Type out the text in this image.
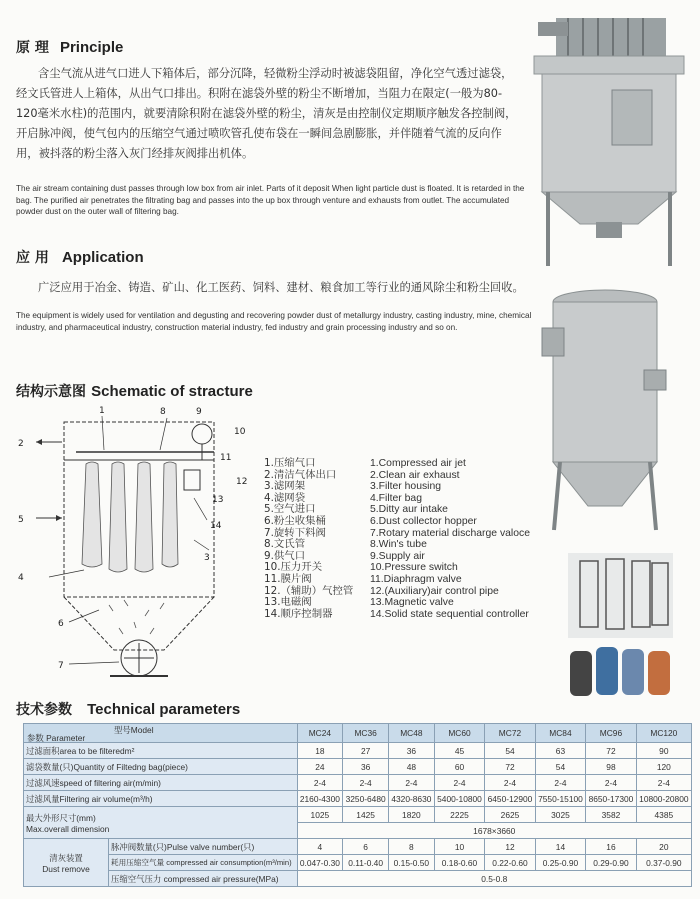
原 理 Principle
含尘气流从进气口进人下箱体后，部分沉降，轻微粉尘浮动时被滤袋阻留，净化空气透过滤袋，经文氏管进人上箱体，从出气口排出。积附在滤袋外壁的粉尘不断增加，当阻力在限定(一般为80-120毫米水柱)的范围内，就要清除积附在滤袋外壁的粉尘，清灰是由控制仪定期顺序触发各控制阀，开启脉冲阀，使气包内的压缩空气通过喷吹管孔使布袋在一瞬间急剧膨胀，并伴随着气流的反向作用，被抖落的粉尘落入灰门经排灰阀排出机体。
The air stream containing dust passes through low box from air inlet. Parts of it deposit When light particle dust is floated. It is retarded in the bag. The purified air penetrates the filtrating bag and passes into the up box through venture and exhausts from outlet. The accumulated powder dust on the outer wall of filtering bag.
应 用 Application
广泛应用于冶金、铸造、矿山、化工医药、饲料、建材、粮食加工等行业的通风除尘和粉尘回收。
The equipment is widely used for ventilation and degusting and recovering powder dust of metallurgy industry, casting industry, mine, chemical industry, and pharmaceutical industry, construction material industry, fed industry and grain processing industry and so on.
结构示意图 Schematic of stracture
1
2
3
4
5
6
7
8	9
10
11
12
13
14
1.压缩气口
2.清洁气体出口
3.滤网架
4.滤网袋
5.空气进口
6.粉尘收集桶
7.旋转下料阀
8.文氏管
9.供气口
10.压力开关
11.膜片阀
12.（辅助）气控管
13.电磁阀
14.顺序控制器
1.Compressed air jet
2.Clean air exhaust
3.Filter housing
4.Filter bag
5.Ditty aur intake
6.Dust collector hopper
7.Rotary material discharge valoce
8.Win's tube
9.Supply air
10.Pressure switch
11.Diaphragm valve
12.(Auxiliary)air control pipe
13.Magnetic valve
14.Solid state sequential controller
技术参数 Technical parameters
型号Model
参数 Parameter		MC24	MC36	MC48	MC60	MC72	MC84	MC96	MC120
过滤面积area to be filteredm²		18	27	36	45	54	63	72	90
滤袋数量(只)Quantity of Filtedng bag(piece)		24	36	48	60	72	54	98	120
过滤风速speed of filtering air(m/min)		2-4	2-4	2-4	2-4	2-4	2-4	2-4	2-4
过滤风量Filtering air volume(m³/h)		2160-4300	3250-6480	4320-8630	5400-10800	6450-12900	7550-15100	8650-17300	10800-20800

最大外形尺寸(mm)
Max.overall dimension		1025	1425	1820	2225	2625	3025	3582	4385
		1678×3660							

清灰装置
Dust remove	脉冲阀数量(只)Pulse valve number(只)	4	6	8	10	12	14	16	20
	耗用压缩空气量 compressed air consumption(m³/min)	0.047-0.30	0.11-0.40	0.15-0.50	0.18-0.60	0.22-0.60	0.25-0.90	0.29-0.90	0.37-0.90
	压缩空气压力 compressed air pressure(MPa)	0.5-0.8							
